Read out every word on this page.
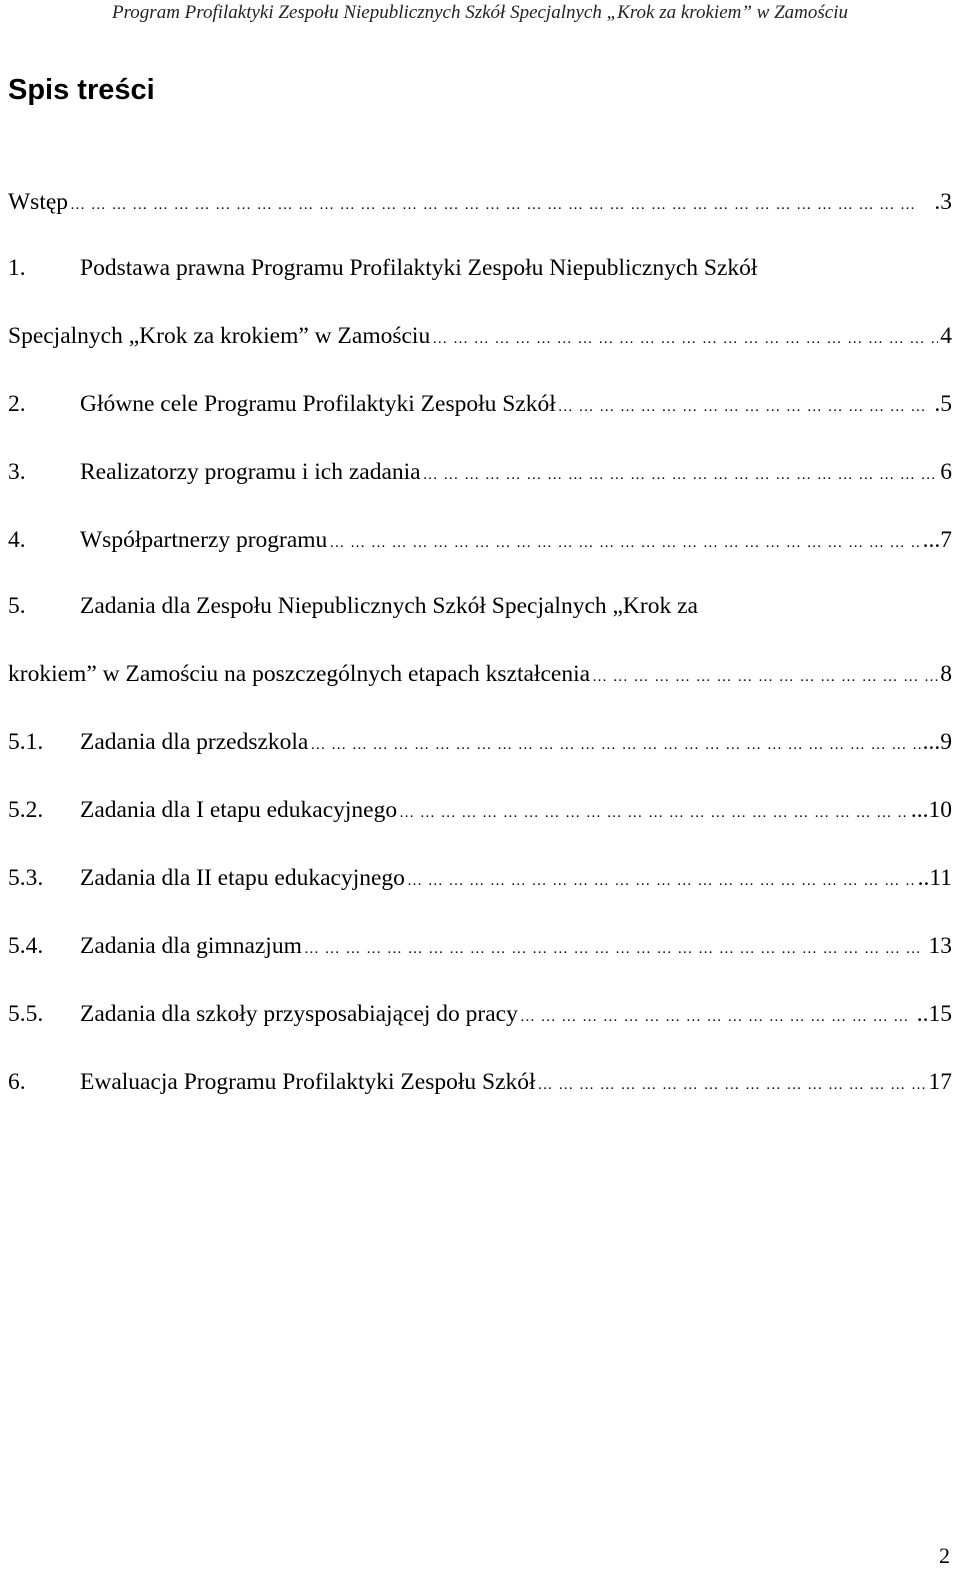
Program Profilaktyki Zespołu Niepublicznych Szkół Specjalnych „Krok za krokiem” w Zamościu
Spis treści
Wstęp … … … … … … … … … … … … … … … … … … … … … … … … … … … … … … … … … … … … … … … … …	.3
1.	Podstawa prawna Programu Profilaktyki Zespołu Niepublicznych Szkół
Specjalnych „Krok za krokiem” w Zamościu … … … … … … … … … … … … … … … … … … … … … … … … … … … … … … … … … … … … … … … … …	4
2.	Główne cele Programu Profilaktyki Zespołu Szkół … … … … … … … … … … … … … … … … … … … … … … … … … … … … … … … … … … … … … … … … …	.5
3.	Realizatorzy programu i ich zadania … … … … … … … … … … … … … … … … … … … … … … … … … … … … … … … … … … … … … … … … …	6
4.	Współpartnerzy programu … … … … … … … … … … … … … … … … … … … … … … … … … … … … … … … … … … … … … … … … …	...7
5.	Zadania dla Zespołu Niepublicznych Szkół Specjalnych „Krok za
krokiem” w Zamościu na poszczególnych etapach kształcenia … … … … … … … … … … … … … … … … … … … … … … … … … … … … … … … … … … … … … … … … …	8
5.1.	Zadania dla przedszkola … … … … … … … … … … … … … … … … … … … … … … … … … … … … … … … … … … … … … … … … …	...9
5.2.	Zadania dla I etapu edukacyjnego … … … … … … … … … … … … … … … … … … … … … … … … … … … … … … … … … … … … … … … … …	...10
5.3.	Zadania dla II etapu edukacyjnego … … … … … … … … … … … … … … … … … … … … … … … … … … … … … … … … … … … … … … … … …	..11
5.4.	Zadania dla gimnazjum … … … … … … … … … … … … … … … … … … … … … … … … … … … … … … … … … … … … … … … … …	13
5.5.	Zadania dla szkoły przysposabiającej do pracy … … … … … … … … … … … … … … … … … … … … … … … … … … … … … … … … … … … … … … … … …	..15
6.	Ewaluacja Programu Profilaktyki Zespołu Szkół … … … … … … … … … … … … … … … … … … … … … … … … … … … … … … … … … … … … … … … … …	17
2
